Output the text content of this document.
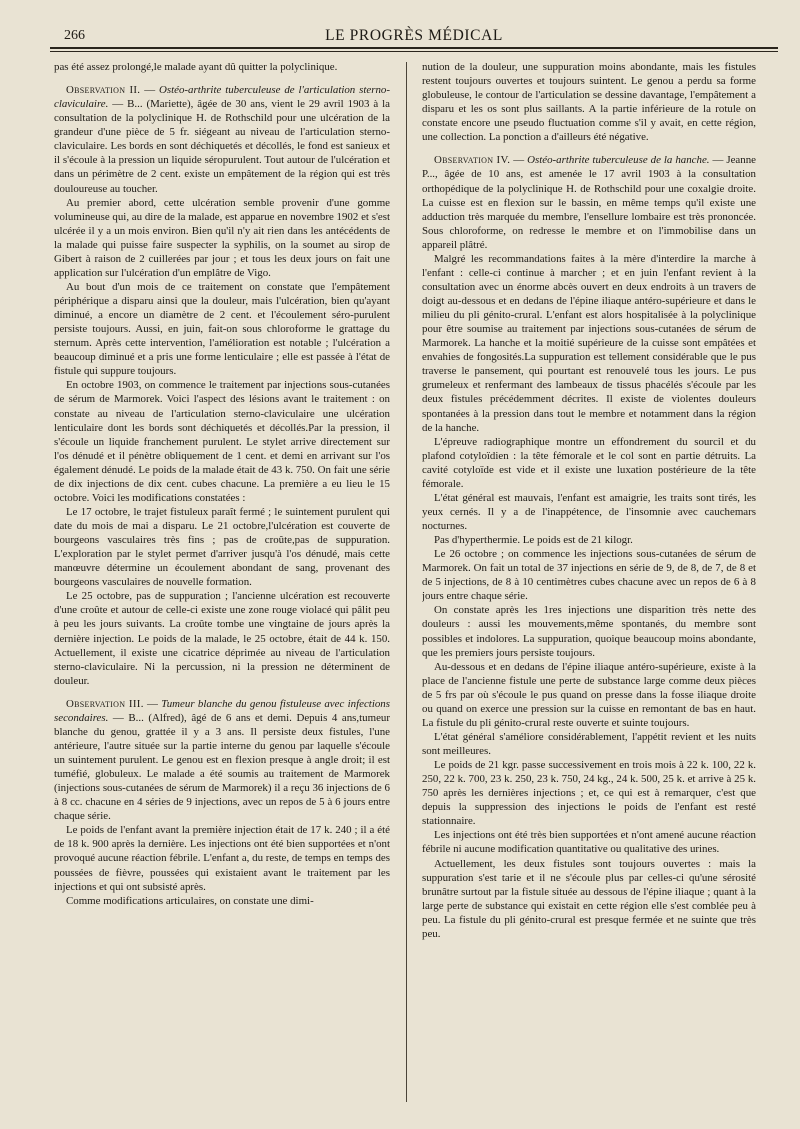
266	LE PROGRÈS MÉDICAL

pas été assez prolongé,le malade ayant dû quitter la polyclinique.

Observation II. — Ostéo-arthrite tuberculeuse de l'articulation sterno-claviculaire. — B... (Mariette), âgée de 30 ans, vient le 29 avril 1903 à la consultation de la polyclinique H. de Rothschild pour une ulcération de la grandeur d'une pièce de 5 fr. siégeant au niveau de l'articulation sterno-claviculaire. Les bords en sont déchiquetés et décollés, le fond est sanieux et il s'écoule à la pression un liquide séropurulent. Tout autour de l'ulcération et dans un périmètre de 2 cent. existe un empâtement de la région qui est très douloureuse au toucher.

Au premier abord, cette ulcération semble provenir d'une gomme volumineuse qui, au dire de la malade, est apparue en novembre 1902 et s'est ulcérée il y a un mois environ. Bien qu'il n'y ait rien dans les antécédents de la malade qui puisse faire suspecter la syphilis, on la soumet au sirop de Gibert à raison de 2 cuillerées par jour ; et tous les deux jours on fait une application sur l'ulcération d'un emplâtre de Vigo.

Au bout d'un mois de ce traitement on constate que l'empâtement périphérique a disparu ainsi que la douleur, mais l'ulcération, bien qu'ayant diminué, a encore un diamètre de 2 cent. et l'écoulement séro-purulent persiste toujours. Aussi, en juin, fait-on sous chloroforme le grattage du sternum. Après cette intervention, l'amélioration est notable ; l'ulcération a beaucoup diminué et a pris une forme lenticulaire ; elle est passée à l'état de fistule qui suppure toujours.

En octobre 1903, on commence le traitement par injections sous-cutanées de sérum de Marmorek. Voici l'aspect des lésions avant le traitement : on constate au niveau de l'articulation sterno-claviculaire une ulcération lenticulaire dont les bords sont déchiquetés et décollés.Par la pression, il s'écoule un liquide franchement purulent. Le stylet arrive directement sur l'os dénudé et il pénètre obliquement de 1 cent. et demi en arrivant sur l'os également dénudé. Le poids de la malade était de 43 k. 750. On fait une série de dix injections de dix cent. cubes chacune. La première a eu lieu le 15 octobre. Voici les modifications constatées :

Le 17 octobre, le trajet fistuleux paraît fermé ; le suintement purulent qui date du mois de mai a disparu. Le 21 octobre,l'ulcération est couverte de bourgeons vasculaires très fins ; pas de croûte,pas de suppuration. L'exploration par le stylet permet d'arriver jusqu'à l'os dénudé, mais cette manœuvre détermine un écoulement abondant de sang, provenant des bourgeons vasculaires de nouvelle formation.

Le 25 octobre, pas de suppuration ; l'ancienne ulcération est recouverte d'une croûte et autour de celle-ci existe une zone rouge violacé qui pâlit peu à peu les jours suivants. La croûte tombe une vingtaine de jours après la dernière injection. Le poids de la malade, le 25 octobre, était de 44 k. 150. Actuellement, il existe une cicatrice déprimée au niveau de l'articulation sterno-claviculaire. Ni la percussion, ni la pression ne déterminent de douleur.

Observation III. — Tumeur blanche du genou fistuleuse avec infections secondaires. — B... (Alfred), âgé de 6 ans et demi. Depuis 4 ans,tumeur blanche du genou, grattée il y a 3 ans. Il persiste deux fistules, l'une antérieure, l'autre située sur la partie interne du genou par laquelle s'écoule un suintement purulent. Le genou est en flexion presque à angle droit; il est tuméfié, globuleux. Le malade a été soumis au traitement de Marmorek (injections sous-cutanées de sérum de Marmorek) il a reçu 36 injections de 6 à 8 cc. chacune en 4 séries de 9 injections, avec un repos de 5 à 6 jours entre chaque série.

Le poids de l'enfant avant la première injection était de 17 k. 240 ; il a été de 18 k. 900 après la dernière. Les injections ont été bien supportées et n'ont provoqué aucune réaction fébrile. L'enfant a, du reste, de temps en temps des poussées de fièvre, poussées qui existaient avant le traitement par les injections et qui ont subsisté après.

Comme modifications articulaires, on constate une dimi-

nution de la douleur, une suppuration moins abondante, mais les fistules restent toujours ouvertes et toujours suintent. Le genou a perdu sa forme globuleuse, le contour de l'articulation se dessine davantage, l'empâtement a disparu et les os sont plus saillants. A la partie inférieure de la rotule on constate encore une pseudo fluctuation comme s'il y avait, en cette région, une collection. La ponction a d'ailleurs été négative.

Observation IV. — Ostéo-arthrite tuberculeuse de la hanche. — Jeanne P..., âgée de 10 ans, est amenée le 17 avril 1903 à la consultation orthopédique de la polyclinique H. de Rothschild pour une coxalgie droite. La cuisse est en flexion sur le bassin, en même temps qu'il existe une adduction très marquée du membre, l'ensellure lombaire est très prononcée. Sous chloroforme, on redresse le membre et on l'immobilise dans un appareil plâtré.

Malgré les recommandations faites à la mère d'interdire la marche à l'enfant : celle-ci continue à marcher ; et en juin l'enfant revient à la consultation avec un énorme abcès ouvert en deux endroits à un travers de doigt au-dessous et en dedans de l'épine iliaque antéro-supérieure et dans le milieu du pli génito-crural. L'enfant est alors hospitalisée à la polyclinique pour être soumise au traitement par injections sous-cutanées de sérum de Marmorek. La hanche et la moitié supérieure de la cuisse sont empâtées et envahies de fongosités.La suppuration est tellement considérable que le pus traverse le pansement, qui pourtant est renouvelé tous les jours. Le pus grumeleux et renfermant des lambeaux de tissus phacélés s'écoule par les deux fistules précédemment décrites. Il existe de violentes douleurs spontanées à la pression dans tout le membre et notamment dans la région de la hanche.

L'épreuve radiographique montre un effondrement du sourcil et du plafond cotyloïdien : la tête fémorale et le col sont en partie détruits. La cavité cotyloïde est vide et il existe une luxation postérieure de la tête fémorale.

L'état général est mauvais, l'enfant est amaigrie, les traits sont tirés, les yeux cernés. Il y a de l'inappétence, de l'insomnie avec cauchemars nocturnes.

Pas d'hyperthermie. Le poids est de 21 kilogr.

Le 26 octobre ; on commence les injections sous-cutanées de sérum de Marmorek. On fait un total de 37 injections en série de 9, de 8, de 7, de 8 et de 5 injections, de 8 à 10 centimètres cubes chacune avec un repos de 6 à 8 jours entre chaque série.

On constate après les 1res injections une disparition très nette des douleurs : aussi les mouvements,même spontanés, du membre sont possibles et indolores. La suppuration, quoique beaucoup moins abondante, que les premiers jours persiste toujours.

Au-dessous et en dedans de l'épine iliaque antéro-supérieure, existe à la place de l'ancienne fistule une perte de substance large comme deux pièces de 5 frs par où s'écoule le pus quand on presse dans la fosse iliaque droite ou quand on exerce une pression sur la cuisse en remontant de bas en haut. La fistule du pli génito-crural reste ouverte et suinte toujours.

L'état général s'améliore considérablement, l'appétit revient et les nuits sont meilleures.

Le poids de 21 kgr. passe successivement en trois mois à 22 k. 100, 22 k. 250, 22 k. 700, 23 k. 250, 23 k. 750, 24 kg., 24 k. 500, 25 k. et arrive à 25 k. 750 après les dernières injections ; et, ce qui est à remarquer, c'est que depuis la suppression des injections le poids de l'enfant est resté stationnaire.

Les injections ont été très bien supportées et n'ont amené aucune réaction fébrile ni aucune modification quantitative ou qualitative des urines.

Actuellement, les deux fistules sont toujours ouvertes : mais la suppuration s'est tarie et il ne s'écoule plus par celles-ci qu'une sérosité brunâtre surtout par la fistule située au dessous de l'épine iliaque ; quant à la large perte de substance qui existait en cette région elle s'est comblée peu à peu. La fistule du pli génito-crural est presque fermée et ne suinte que très peu.
